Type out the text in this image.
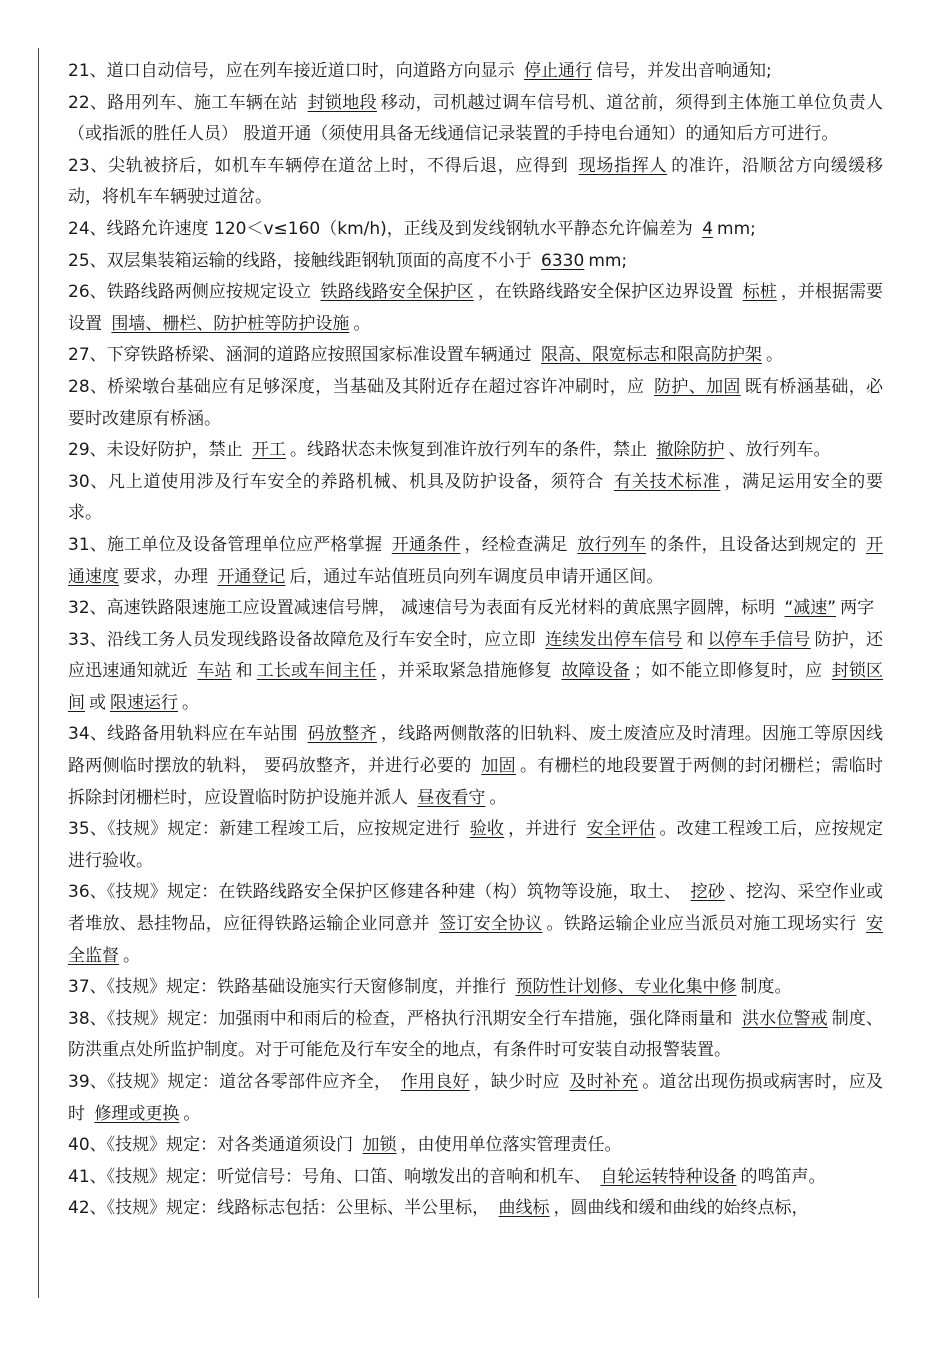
21、道口自动信号，应在列车接近道口时，向道路方向显示 停止通行 信号，并发出音响通知;

22、路用列车、施工车辆在站 封锁地段 移动，司机越过调车信号机、道岔前，须得到主体施工单位负责人（或指派的胜任人员） 股道开通（须使用具备无线通信记录装置的手持电台通知）的通知后方可进行。

23、尖轨被挤后，如机车车辆停在道岔上时，不得后退，应得到 现场指挥人 的准许，沿顺岔方向缓缓移动，将机车车辆驶过道岔。

24、线路允许速度 120＜v≤160（km/h)，正线及到发线钢轨水平静态允许偏差为 4 mm;

25、双层集装箱运输的线路，接触线距钢轨顶面的高度不小于 6330 mm;

26、铁路线路两侧应按规定设立 铁路线路安全保护区 ，在铁路线路安全保护区边界设置 标桩 ，并根据需要设置 围墙、栅栏、防护桩等防护设施 。

27、下穿铁路桥梁、涵洞的道路应按照国家标准设置车辆通过 限高、限宽标志和限高防护架 。

28、桥梁墩台基础应有足够深度，当基础及其附近存在超过容许冲刷时，应 防护、加固 既有桥涵基础，必要时改建原有桥涵。

29、未设好防护，禁止 开工 。线路状态未恢复到准许放行列车的条件，禁止 撤除防护 、放行列车。

30、凡上道使用涉及行车安全的养路机械、机具及防护设备，须符合 有关技术标准 ，满足运用安全的要求。

31、施工单位及设备管理单位应严格掌握 开通条件 ，经检查满足 放行列车 的条件，且设备达到规定的 开通速度 要求，办理 开通登记 后，通过车站值班员向列车调度员申请开通区间。

32、高速铁路限速施工应设置减速信号牌， 减速信号为表面有反光材料的黄底黑字圆牌，标明 “减速” 两字

33、沿线工务人员发现线路设备故障危及行车安全时，应立即 连续发出停车信号 和 以停车手信号 防护，还应迅速通知就近 车站 和 工长或车间主任 ，并采取紧急措施修复 故障设备 ；如不能立即修复时，应 封锁区间 或 限速运行 。

34、线路备用轨料应在车站围 码放整齐 ，线路两侧散落的旧轨料、废土废渣应及时清理。因施工等原因线路两侧临时摆放的轨料， 要码放整齐，并进行必要的 加固 。有栅栏的地段要置于两侧的封闭栅栏；需临时拆除封闭栅栏时，应设置临时防护设施并派人 昼夜看守 。

35、《技规》规定：新建工程竣工后，应按规定进行 验收 ，并进行 安全评估 。改建工程竣工后，应按规定进行验收。

36、《技规》规定：在铁路线路安全保护区修建各种建（构）筑物等设施，取土、 挖砂 、挖沟、采空作业或者堆放、悬挂物品，应征得铁路运输企业同意并 签订安全协议 。铁路运输企业应当派员对施工现场实行 安全监督 。

37、《技规》规定：铁路基础设施实行天窗修制度，并推行 预防性计划修、专业化集中修 制度。

38、《技规》规定：加强雨中和雨后的检查，严格执行汛期安全行车措施，强化降雨量和 洪水位警戒 制度、防洪重点处所监护制度。对于可能危及行车安全的地点，有条件时可安装自动报警装置。

39、《技规》规定：道岔各零部件应齐全， 作用良好 ，缺少时应 及时补充 。道岔出现伤损或病害时，应及时 修理或更换 。

40、《技规》规定：对各类通道须设门 加锁 ，由使用单位落实管理责任。

41、《技规》规定：听觉信号：号角、口笛、响墩发出的音响和机车、 自轮运转特种设备 的鸣笛声。

42、《技规》规定：线路标志包括：公里标、半公里标， 曲线标 ，圆曲线和缓和曲线的始终点标，
